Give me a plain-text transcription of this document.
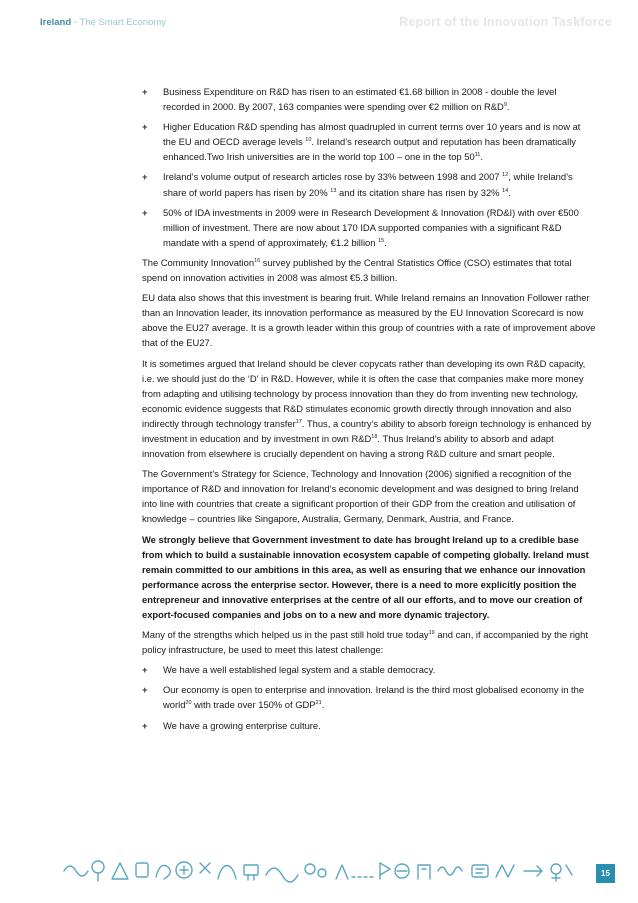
Ireland - The Smart Economy	Report of the Innovation Taskforce
+ Business Expenditure on R&D has risen to an estimated €1.68 billion in 2008 - double the level recorded in 2000. By 2007, 163 companies were spending over €2 million on $R\&D^9$.
+ Higher Education R&D spending has almost quadrupled in current terms over 10 years and is now at the EU and OECD average levels $^{10}$. Ireland’s research output and reputation has been dramatically enhanced.Two Irish universities are in the world top 100 – one in the top $50^{11}$.
+ Ireland’s volume output of research articles rose by 33% between 1998 and 2007 $^{12}$, while Ireland’s share of world papers has risen by 20% $^{13}$ and its citation share has risen by 32% $^{14}$.
+ 50% of IDA investments in 2009 were in Research Development & Innovation (RD&I) with over €500 million of investment. There are now about 170 IDA supported companies with a significant R&D mandate with a spend of approximately, €1.2 billion $^{15}$.

The Community Innovation$^{16}$ survey published by the Central Statistics Office (CSO) estimates that total spend on innovation activities in 2008 was almost €5.3 billion.

EU data also shows that this investment is bearing fruit. While Ireland remains an Innovation Follower rather than an Innovation leader, its innovation performance as measured by the EU Innovation Scorecard is now above the EU27 average. It is a growth leader within this group of countries with a rate of improvement above that of the EU27.

It is sometimes argued that Ireland should be clever copycats rather than developing its own R&D capacity, i.e. we should just do the ‘D’ in R&D. However, while it is often the case that companies make more money from adapting and utilising technology by process innovation than they do from inventing new technology, economic evidence suggests that R&D stimulates economic growth directly through innovation and also indirectly through technology transfer$^{17}$. Thus, a country’s ability to absorb foreign technology is enhanced by investment in education and by investment in own $R\&D^{18}$. Thus Ireland’s ability to absorb and adapt innovation from elsewhere is crucially dependent on having a strong R&D culture and smart people.

The Government’s Strategy for Science, Technology and Innovation (2006) signified a recognition of the importance of R&D and innovation for Ireland’s economic development and was designed to bring Ireland into line with countries that create a significant proportion of their GDP from the creation and utilisation of knowledge – countries like Singapore, Australia, Germany, Denmark, Austria, and France.

We strongly believe that Government investment to date has brought Ireland up to a credible base from which to build a sustainable innovation ecosystem capable of competing globally. Ireland must remain committed to our ambitions in this area, as well as ensuring that we enhance our innovation performance across the enterprise sector. However, there is a need to more explicitly position the entrepreneur and innovative enterprises at the centre of all our efforts, and to move our creation of export-focused companies and jobs on to a new and more dynamic trajectory.

Many of the strengths which helped us in the past still hold true today$^{19}$ and can, if accompanied by the right policy infrastructure, be used to meet this latest challenge:

+ We have a well established legal system and a stable democracy.
+ Our economy is open to enterprise and innovation. Ireland is the third most globalised economy in the world$^{20}$ with trade over 150% of $GDP^{21}$.
+ We have a growing enterprise culture.
15
